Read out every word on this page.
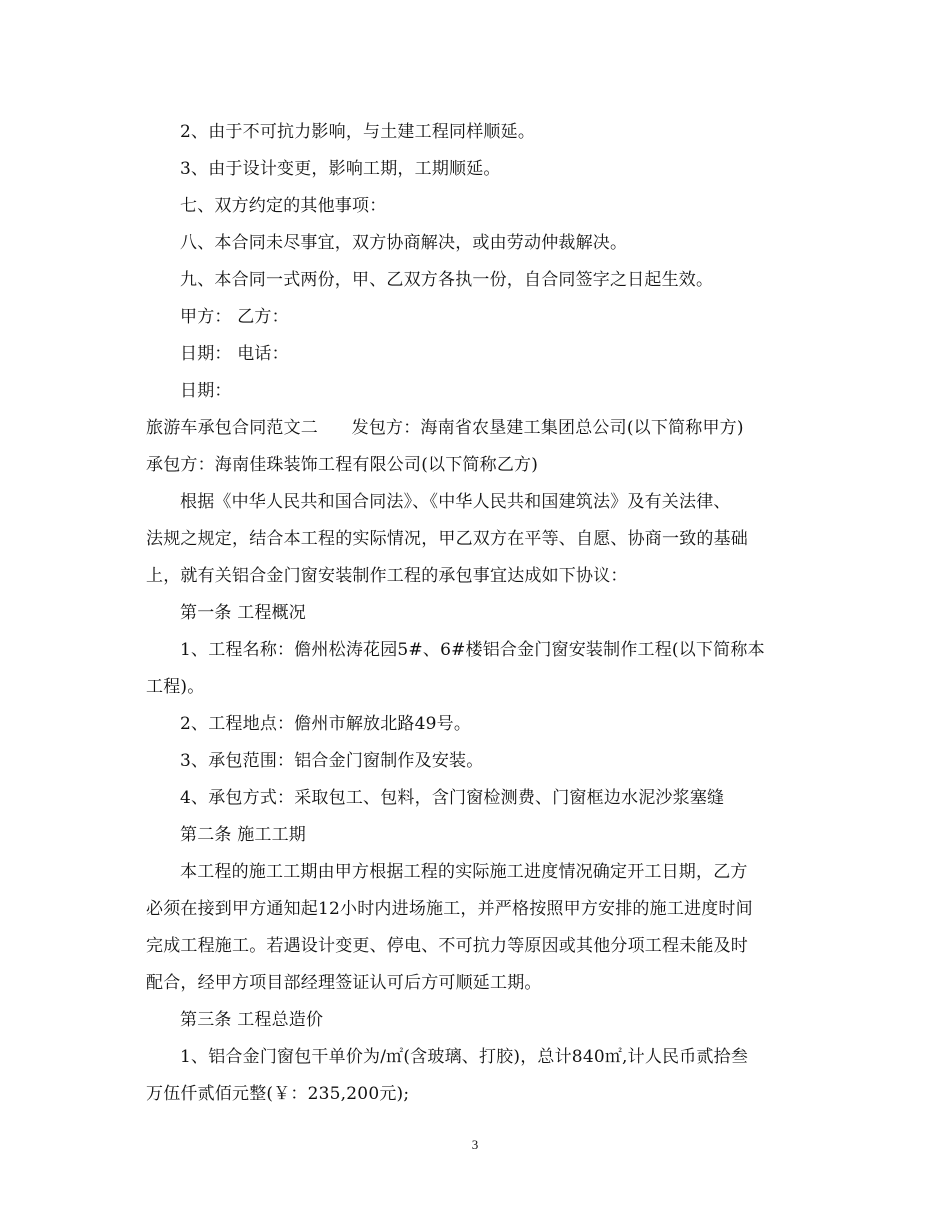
2、由于不可抗力影响，与土建工程同样顺延。
3、由于设计变更，影响工期，工期顺延。
七、双方约定的其他事项：
八、本合同未尽事宜，双方协商解决，或由劳动仲裁解决。
九、本合同一式两份，甲、乙双方各执一份，自合同签字之日起生效。
甲方： 乙方：
日期： 电话：
日期：
旅游车承包合同范文二      发包方：海南省农垦建工集团总公司(以下简称甲方)
承包方：海南佳珠装饰工程有限公司(以下简称乙方)
根据《中华人民共和国合同法》、《中华人民共和国建筑法》及有关法律、
法规之规定，结合本工程的实际情况，甲乙双方在平等、自愿、协商一致的基础
上，就有关铝合金门窗安装制作工程的承包事宜达成如下协议：
第一条 工程概况
1、工程名称：儋州松涛花园5#、6#楼铝合金门窗安装制作工程(以下简称本
工程)。
2、工程地点：儋州市解放北路49号。
3、承包范围：铝合金门窗制作及安装。
4、承包方式：采取包工、包料，含门窗检测费、门窗框边水泥沙浆塞缝
第二条 施工工期
本工程的施工工期由甲方根据工程的实际施工进度情况确定开工日期，乙方
必须在接到甲方通知起12小时内进场施工，并严格按照甲方安排的施工进度时间
完成工程施工。若遇设计变更、停电、不可抗力等原因或其他分项工程未能及时
配合，经甲方项目部经理签证认可后方可顺延工期。
第三条 工程总造价
1、铝合金门窗包干单价为/㎡(含玻璃、打胶)，总计840㎡,计人民币贰拾叁
万伍仟贰佰元整(￥：235,200元);
3
